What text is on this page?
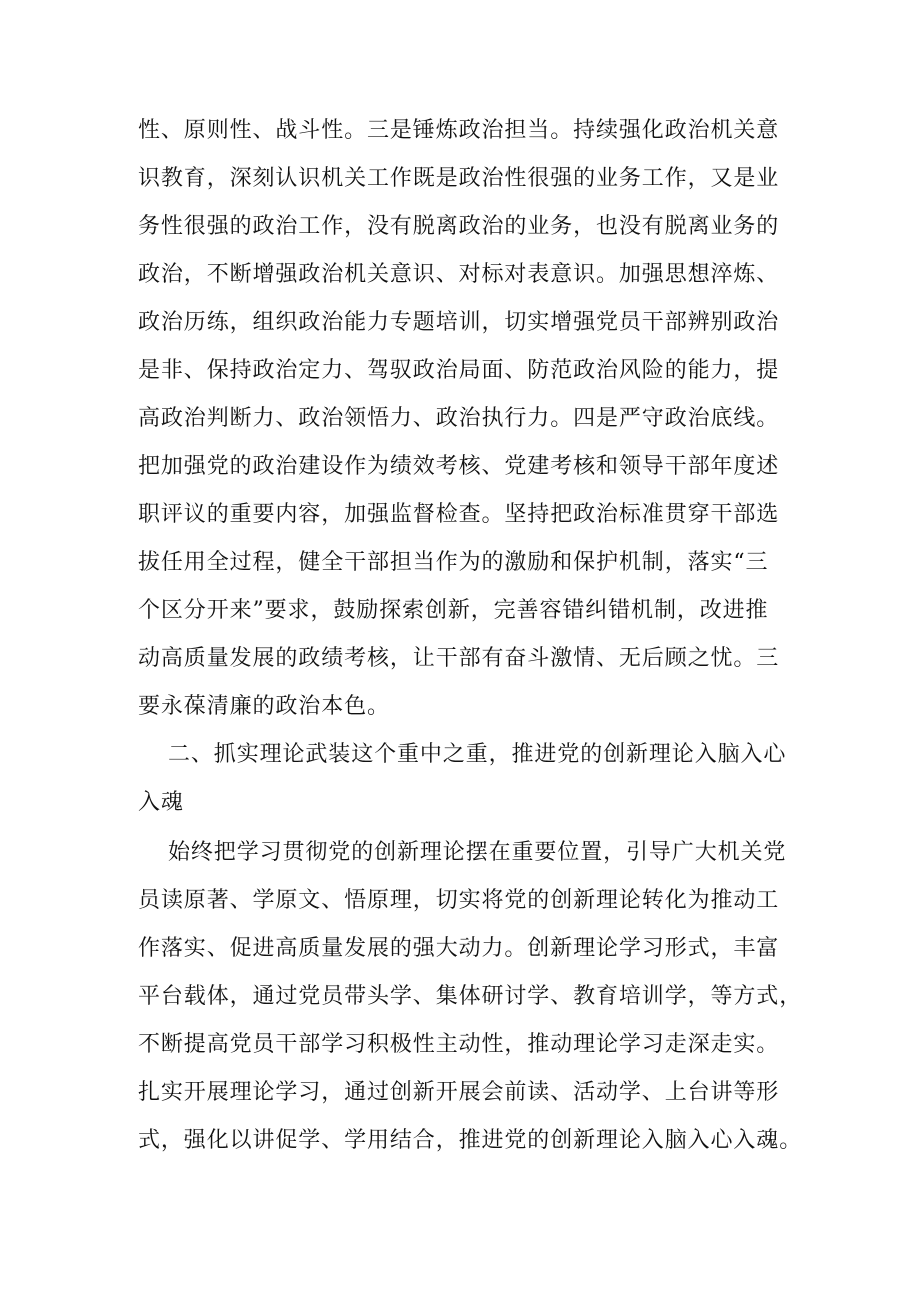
性、原则性、战斗性。三是锤炼政治担当。持续强化政治机关意
识教育，深刻认识机关工作既是政治性很强的业务工作，又是业
务性很强的政治工作，没有脱离政治的业务，也没有脱离业务的
政治，不断增强政治机关意识、对标对表意识。加强思想淬炼、
政治历练，组织政治能力专题培训，切实增强党员干部辨别政治
是非、保持政治定力、驾驭政治局面、防范政治风险的能力，提
高政治判断力、政治领悟力、政治执行力。四是严守政治底线。
把加强党的政治建设作为绩效考核、党建考核和领导干部年度述
职评议的重要内容，加强监督检查。坚持把政治标准贯穿干部选
拔任用全过程，健全干部担当作为的激励和保护机制，落实“三
个区分开来”要求，鼓励探索创新，完善容错纠错机制，改进推
动高质量发展的政绩考核，让干部有奋斗激情、无后顾之忧。三
要永葆清廉的政治本色。
二、抓实理论武装这个重中之重，推进党的创新理论入脑入心
入魂
始终把学习贯彻党的创新理论摆在重要位置，引导广大机关党
员读原著、学原文、悟原理，切实将党的创新理论转化为推动工
作落实、促进高质量发展的强大动力。创新理论学习形式，丰富
平台载体，通过党员带头学、集体研讨学、教育培训学，等方式，
不断提高党员干部学习积极性主动性，推动理论学习走深走实。
扎实开展理论学习，通过创新开展会前读、活动学、上台讲等形
式，强化以讲促学、学用结合，推进党的创新理论入脑入心入魂。
